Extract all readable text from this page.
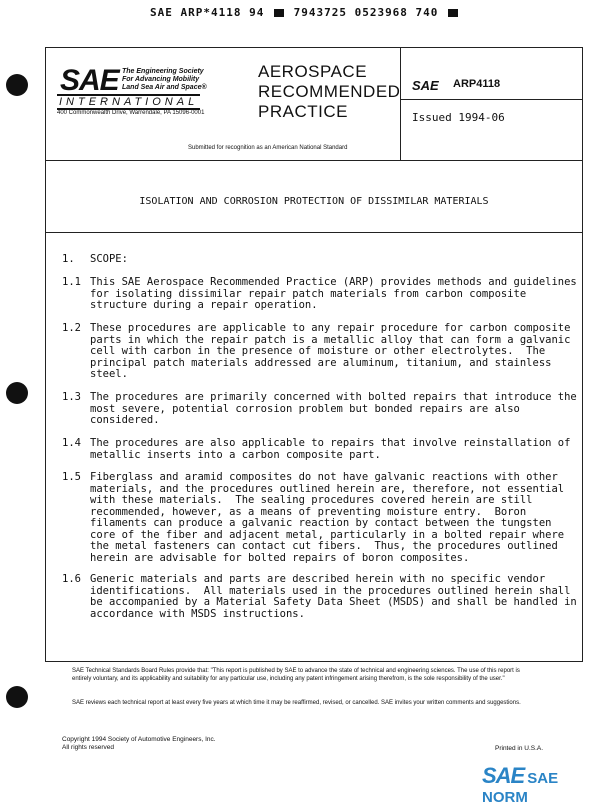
SAE ARP*4118 94	7943725 0523968 740
SAE The Engineering Society
For Advancing Mobility
Land Sea Air and Space®
INTERNATIONAL
400 Commonwealth Drive, Warrendale, PA 15096-0001
AEROSPACE
RECOMMENDED
PRACTICE
Submitted for recognition as an American National Standard
SAE ARP4118
Issued 1994-06
ISOLATION AND CORROSION PROTECTION OF DISSIMILAR MATERIALS
1. SCOPE:
1.1 This SAE Aerospace Recommended Practice (ARP) provides methods and guidelines
for isolating dissimilar repair patch materials from carbon composite
structure during a repair operation.
1.2 These procedures are applicable to any repair procedure for carbon composite
parts in which the repair patch is a metallic alloy that can form a galvanic
cell with carbon in the presence of moisture or other electrolytes.  The
principal patch materials addressed are aluminum, titanium, and stainless
steel.
1.3 The procedures are primarily concerned with bolted repairs that introduce the
most severe, potential corrosion problem but bonded repairs are also
considered.
1.4 The procedures are also applicable to repairs that involve reinstallation of
metallic inserts into a carbon composite part.
1.5 Fiberglass and aramid composites do not have galvanic reactions with other
materials, and the procedures outlined herein are, therefore, not essential
with these materials.  The sealing procedures covered herein are still
recommended, however, as a means of preventing moisture entry.  Boron
filaments can produce a galvanic reaction by contact between the tungsten
core of the fiber and adjacent metal, particularly in a bolted repair where
the metal fasteners can contact cut fibers.  Thus, the procedures outlined
herein are advisable for bolted repairs of boron composites.
1.6 Generic materials and parts are described herein with no specific vendor
identifications.  All materials used in the procedures outlined herein shall
be accompanied by a Material Safety Data Sheet (MSDS) and shall be handled in
accordance with MSDS instructions.
SAE Technical Standards Board Rules provide that: "This report is published by SAE to advance the state of technical and engineering sciences. The use of this report is entirely voluntary, and its applicability and suitability for any particular use, including any patent infringement arising therefrom, is the sole responsibility of the user."
SAE reviews each technical report at least every five years at which time it may be reaffirmed, revised, or cancelled. SAE invites your written comments and suggestions.
Copyright 1994 Society of Automotive Engineers, Inc.
All rights reserved	Printed in U.S.A.
SAE SAE NORM
